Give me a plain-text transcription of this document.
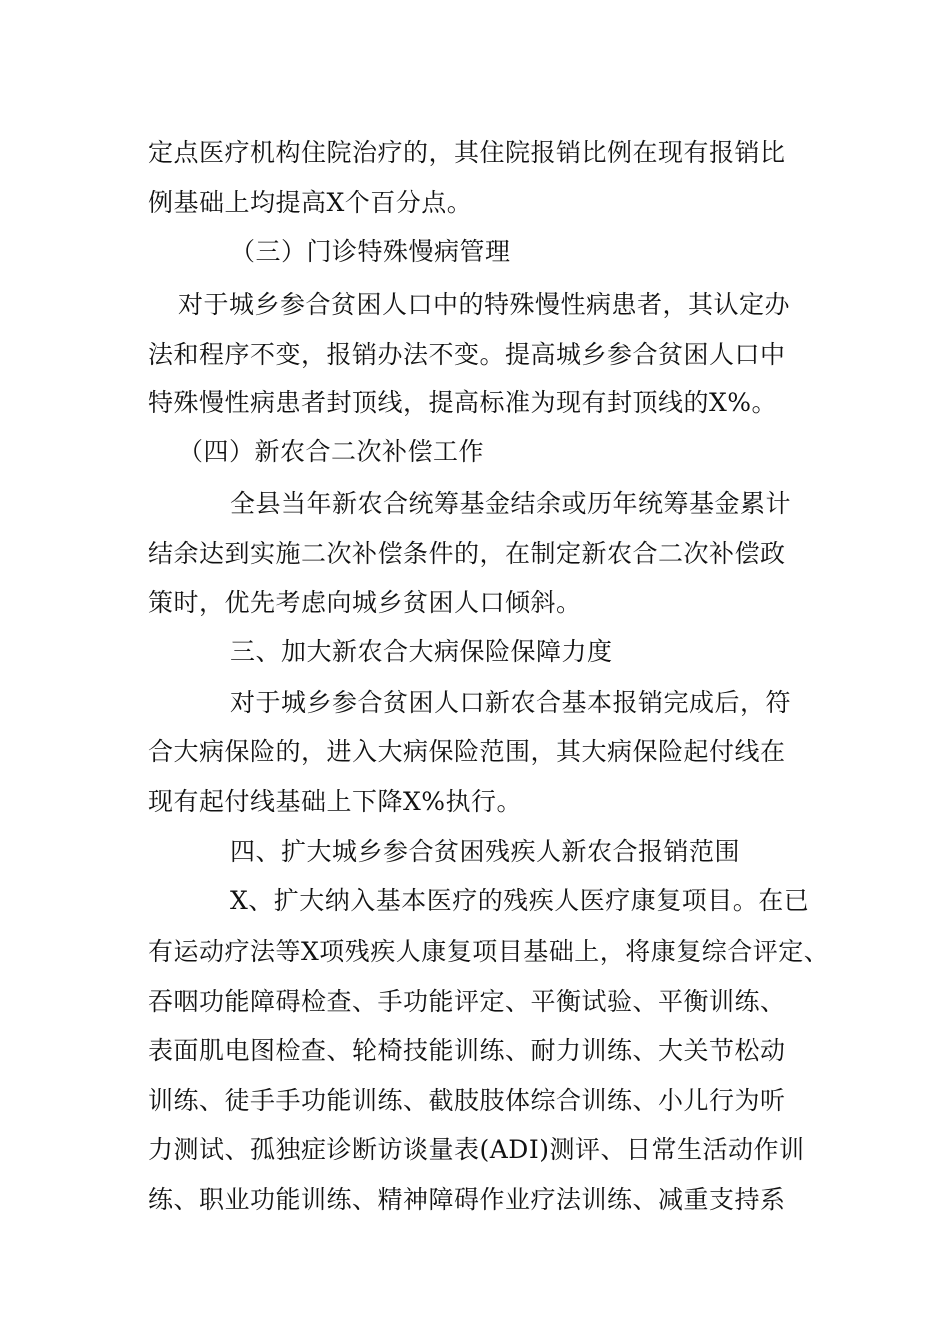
定点医疗机构住院治疗的，其住院报销比例在现有报销比
例基础上均提高X个百分点。
（三）门诊特殊慢病管理
对于城乡参合贫困人口中的特殊慢性病患者，其认定办
法和程序不变，报销办法不变。提高城乡参合贫困人口中
特殊慢性病患者封顶线，提高标准为现有封顶线的X%。
（四）新农合二次补偿工作
全县当年新农合统筹基金结余或历年统筹基金累计
结余达到实施二次补偿条件的，在制定新农合二次补偿政
策时，优先考虑向城乡贫困人口倾斜。
三、加大新农合大病保险保障力度
对于城乡参合贫困人口新农合基本报销完成后，符
合大病保险的，进入大病保险范围，其大病保险起付线在
现有起付线基础上下降X%执行。
四、扩大城乡参合贫困残疾人新农合报销范围
X、扩大纳入基本医疗的残疾人医疗康复项目。在已
有运动疗法等X项残疾人康复项目基础上，将康复综合评定、
吞咽功能障碍检查、手功能评定、平衡试验、平衡训练、
表面肌电图检查、轮椅技能训练、耐力训练、大关节松动
训练、徒手手功能训练、截肢肢体综合训练、小儿行为听
力测试、孤独症诊断访谈量表(ADI)测评、日常生活动作训
练、职业功能训练、精神障碍作业疗法训练、减重支持系
